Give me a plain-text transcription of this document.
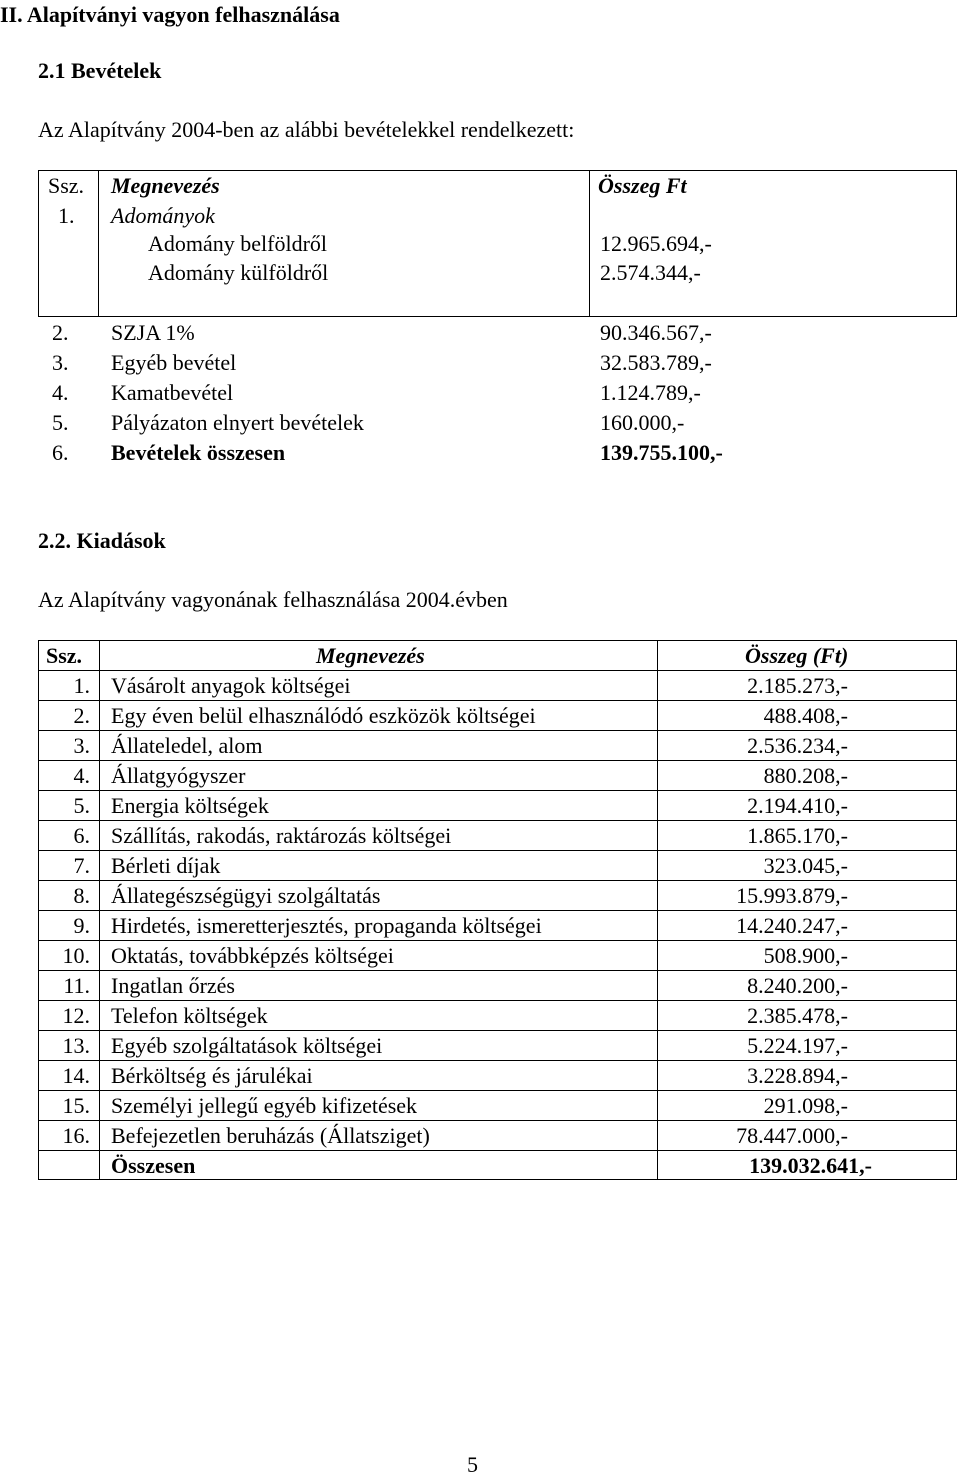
II. Alapítványi vagyon felhasználása
2.1 Bevételek
Az Alapítvány 2004-ben az alábbi bevételekkel rendelkezett:
Ssz. Megnevezés	Összeg Ft
1. Adományok
Adomány belföldről	12.965.694,-
Adomány külföldről	2.574.344,-
2. SZJA 1%	90.346.567,-
3. Egyéb bevétel	32.583.789,-
4. Kamatbevétel	1.124.789,-
5. Pályázaton elnyert bevételek	160.000,-
6. Bevételek összesen	139.755.100,-
2.2. Kiadások
Az Alapítvány vagyonának felhasználása 2004.évben
Ssz.	Megnevezés	Összeg (Ft)
1. Vásárolt anyagok költségei	2.185.273,-
2. Egy éven belül elhasználódó eszközök költségei	488.408,-
3. Állateledel, alom	2.536.234,-
4. Állatgyógyszer	880.208,-
5. Energia költségek	2.194.410,-
6. Szállítás, rakodás, raktározás költségei	1.865.170,-
7. Bérleti díjak	323.045,-
8. Állategészségügyi szolgáltatás	15.993.879,-
9. Hirdetés, ismeretterjesztés, propaganda költségei	14.240.247,-
10. Oktatás, továbbképzés költségei	508.900,-
11. Ingatlan őrzés	8.240.200,-
12. Telefon költségek	2.385.478,-
13. Egyéb szolgáltatások költségei	5.224.197,-
14. Bérköltség és járulékai	3.228.894,-
15. Személyi jellegű egyéb kifizetések	291.098,-
16. Befejezetlen beruházás (Állatsziget)	78.447.000,-
Összesen	139.032.641,-
5
